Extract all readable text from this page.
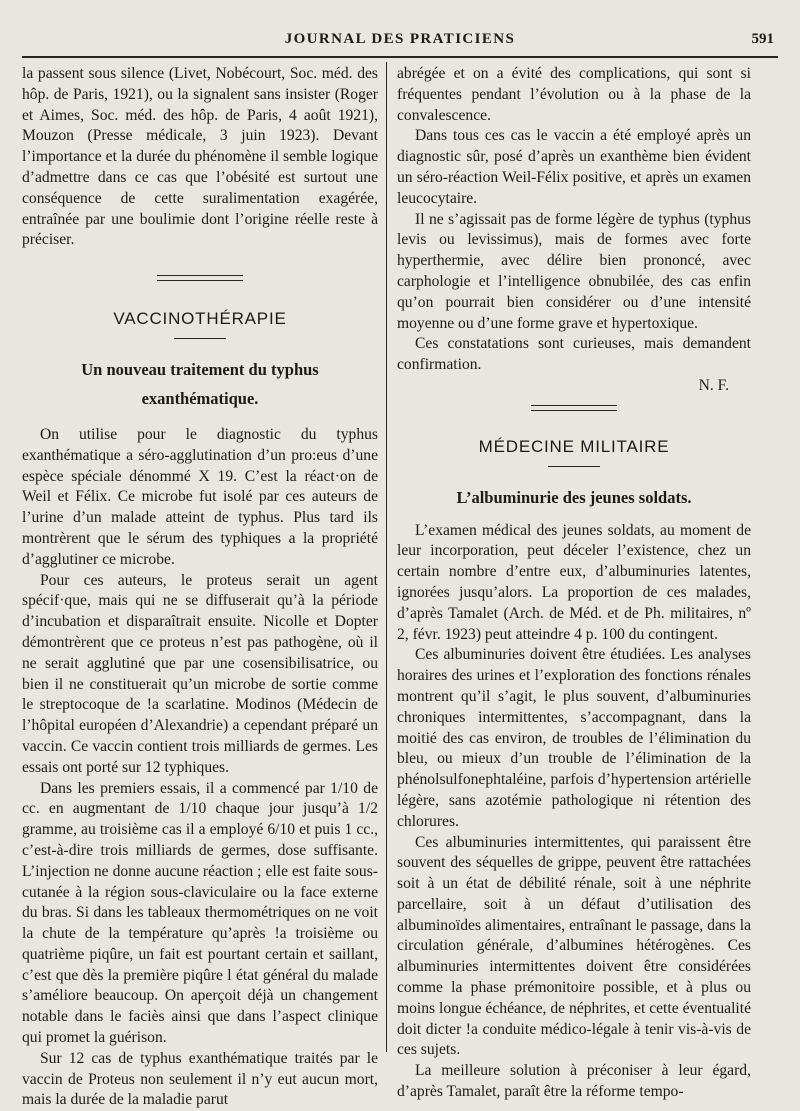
JOURNAL DES PRATICIENS	591

la passent sous silence (Livet, Nobécourt, Soc. méd. des hôp. de Paris, 1921), ou la signalent sans insister (Roger et Aimes, Soc. méd. des hôp. de Paris, 4 août 1921), Mouzon (Presse médicale, 3 juin 1923). Devant l’importance et la durée du phénomène il semble logique d’admettre dans ce cas que l’obésité est surtout une conséquence de cette suralimentation exagérée, entraînée par une boulimie dont l’origine réelle reste à préciser.

VACCINOTHÉRAPIE
Un nouveau traitement du typhus
exanthématique.

On utilise pour le diagnostic du typhus exanthématique a séro-agglutination d’un pro:eus d’une espèce spéciale dénommé X 19. C’est la réact·on de Weil et Félix. Ce microbe fut isolé par ces auteurs de l’urine d’un malade atteint de typhus. Plus tard ils montrèrent que le sérum des typhiques a la propriété d’agglutiner ce microbe.

Pour ces auteurs, le proteus serait un agent spécif·que, mais qui ne se diffuserait qu’à la période d’incubation et disparaîtrait ensuite. Nicolle et Dopter démontrèrent que ce proteus n’est pas pathogène, où il ne serait agglutiné que par une cosensibilisatrice, ou bien il ne constituerait qu’un microbe de sortie comme le streptocoque de !a scarlatine. Modinos (Médecin de l’hôpital européen d’Alexandrie) a cependant préparé un vaccin. Ce vaccin contient trois milliards de germes. Les essais ont porté sur 12 typhiques.

Dans les premiers essais, il a commencé par 1/10 de cc. en augmentant de 1/10 chaque jour jusqu’à 1/2 gramme, au troisième cas il a employé 6/10 et puis 1 cc., c’est-à-dire trois milliards de germes, dose suffisante. L’injection ne donne aucune réaction ; elle est faite sous-cutanée à la région sous-claviculaire ou la face externe du bras. Si dans les tableaux thermométriques on ne voit la chute de la température qu’après !a troisième ou quatrième piqûre, un fait est pourtant certain et saillant, c’est que dès la première piqûre l état général du malade s’améliore beaucoup. On aperçoit déjà un changement notable dans le faciès ainsi que dans l’aspect clinique qui promet la guérison.

Sur 12 cas de typhus exanthématique traités par le vaccin de Proteus non seulement il n’y eut aucun mort, mais la durée de la maladie parut

abrégée et on a évité des complications, qui sont si fréquentes pendant l’évolution ou à la phase de la convalescence.

Dans tous ces cas le vaccin a été employé après un diagnostic sûr, posé d’après un exanthème bien évident un séro-réaction Weil-Félix positive, et après un examen leucocytaire.

Il ne s’agissait pas de forme légère de typhus (typhus levis ou levissimus), mais de formes avec forte hyperthermie, avec délire bien prononcé, avec carphologie et l’intelligence obnubilée, des cas enfin qu’on pourrait bien considérer ou d’une intensité moyenne ou d’une forme grave et hypertoxique.

Ces constatations sont curieuses, mais demandent confirmation.

N. F.
MÉDECINE MILITAIRE
L’albuminurie des jeunes soldats.

L’examen médical des jeunes soldats, au moment de leur incorporation, peut déceler l’existence, chez un certain nombre d’entre eux, d’albuminuries latentes, ignorées jusqu’alors. La proportion de ces malades, d’après Tamalet (Arch. de Méd. et de Ph. militaires, nº 2, févr. 1923) peut atteindre 4 p. 100 du contingent.

Ces albuminuries doivent être étudiées. Les analyses horaires des urines et l’exploration des fonctions rénales montrent qu’il s’agit, le plus souvent, d’albuminuries chroniques intermittentes, s’accompagnant, dans la moitié des cas environ, de troubles de l’élimination du bleu, ou mieux d’un trouble de l’élimination de la phénolsulfonephtaléine, parfois d’hypertension artérielle légère, sans azotémie pathologique ni rétention des chlorures.

Ces albuminuries intermittentes, qui paraissent être souvent des séquelles de grippe, peuvent être rattachées soit à un état de débilité rénale, soit à une néphrite parcellaire, soit à un défaut d’utilisation des albuminoïdes alimentaires, entraînant le passage, dans la circulation générale, d’albumines hétérogènes. Ces albuminuries intermittentes doivent être considérées comme la phase prémonitoire possible, et à plus ou moins longue échéance, de néphrites, et cette éventualité doit dicter !a conduite médico-légale à tenir vis-à-vis de ces sujets.

La meilleure solution à préconiser à leur égard, d’après Tamalet, paraît être la réforme tempo-
